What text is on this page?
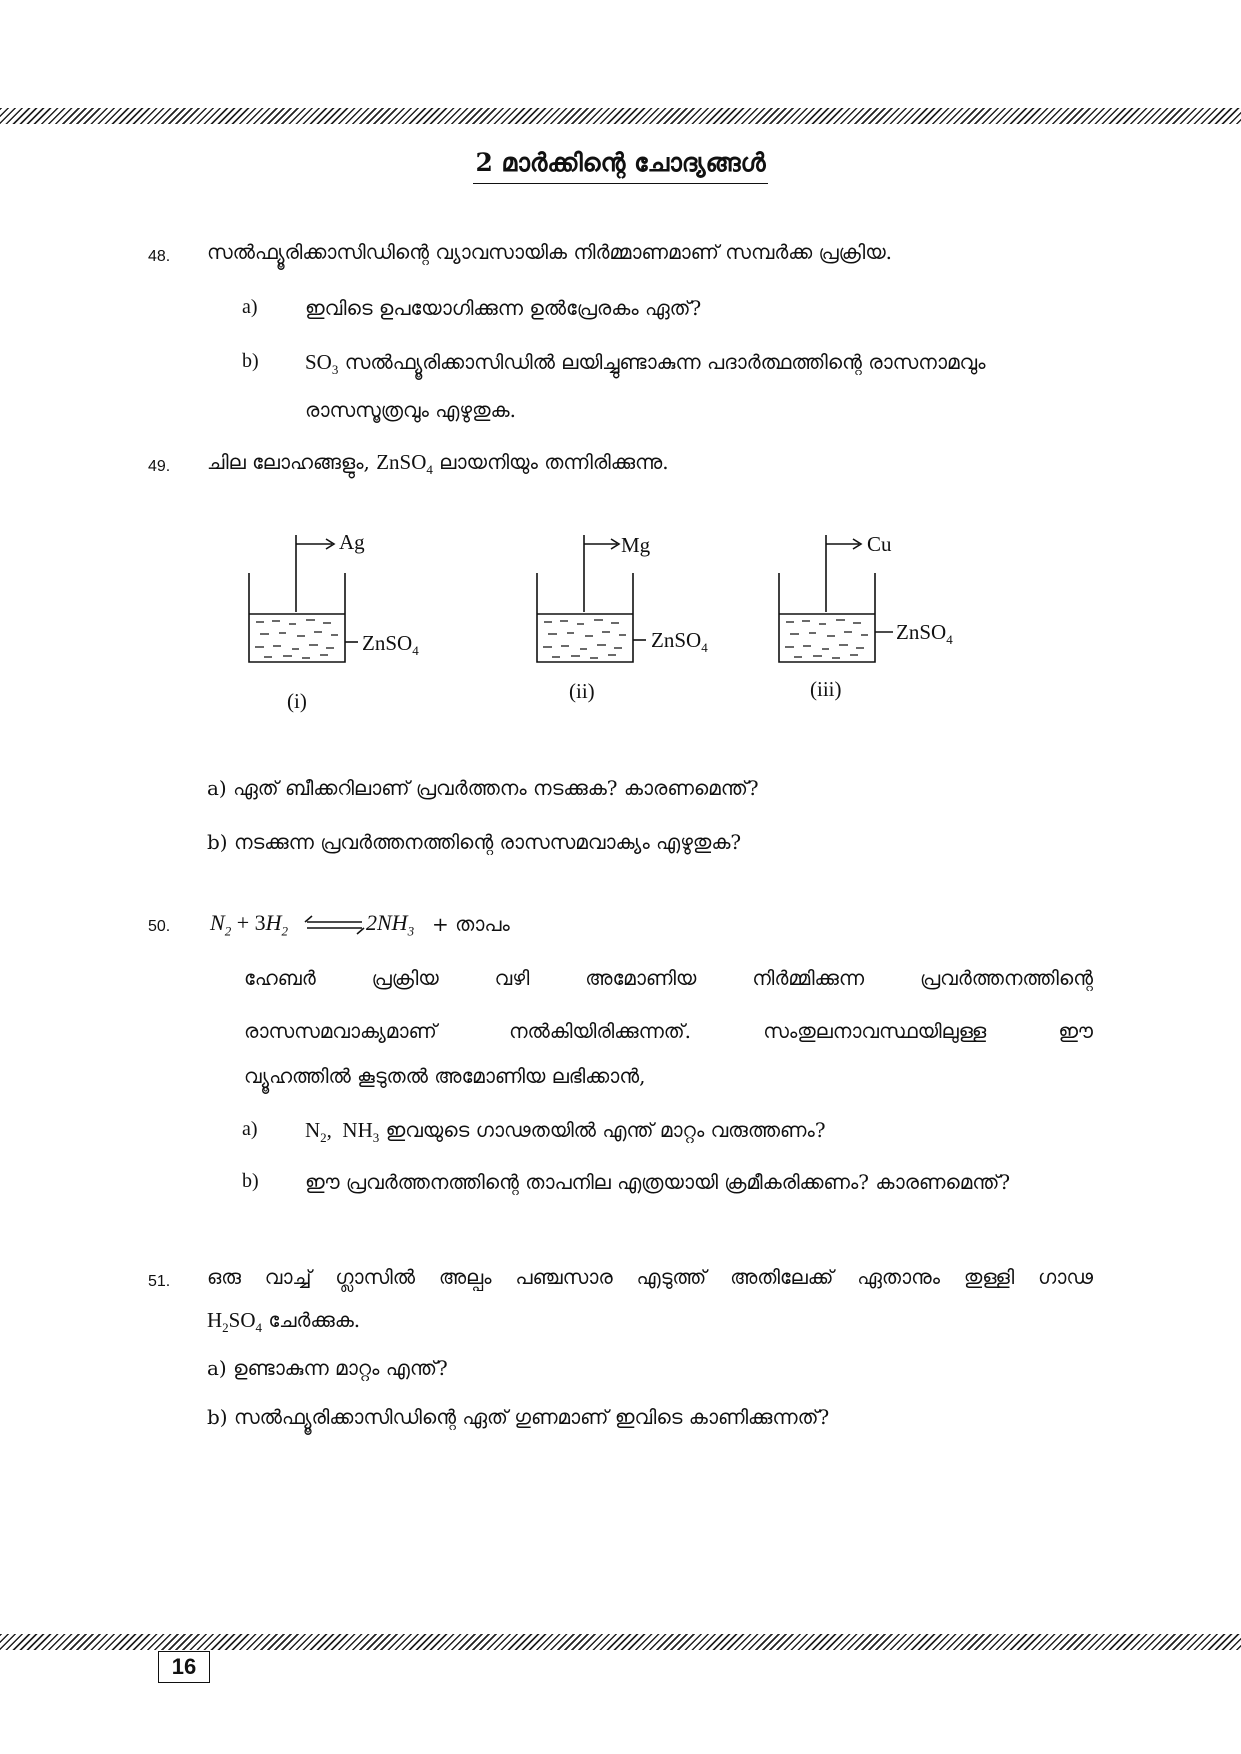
2 മാർക്കിന്റെ ചോദ്യങ്ങൾ
48. സൽഫ്യൂരിക്കാസിഡിന്റെ വ്യാവസായിക നിർമ്മാണമാണ് സമ്പർക്ക പ്രക്രിയ.
a) ഇവിടെ ഉപയോഗിക്കുന്ന ഉൽപ്രേരകം ഏത്?
b) $SO_3$ സൽഫ്യൂരിക്കാസിഡിൽ ലയിച്ചുണ്ടാകുന്ന പദാർത്ഥത്തിന്റെ രാസനാമവും
രാസസൂത്രവും എഴുതുക.
49. ചില ലോഹങ്ങളും, ZnSO$_4$ ലായനിയും തന്നിരിക്കുന്നു.
Ag
ZnSO$_4$
(i)
Mg
ZnSO$_4$
(ii)
Cu
ZnSO$_4$
(iii)
a) ഏത് ബീക്കറിലാണ് പ്രവർത്തനം നടക്കുക? കാരണമെന്ത്?
b) നടക്കുന്ന പ്രവർത്തനത്തിന്റെ രാസസമവാക്യം എഴുതുക?
50. $N_2 + 3H_2$	$2NH_3$ + താപം
ഹേബർ പ്രക്രിയ വഴി അമോണിയ നിർമ്മിക്കുന്ന പ്രവർത്തനത്തിന്റെ
രാസസമവാക്യമാണ് നൽകിയിരിക്കുന്നത്. സംതുലനാവസ്ഥയിലുള്ള ഈ
വ്യൂഹത്തിൽ കൂടുതൽ അമോണിയ ലഭിക്കാൻ,
a) $N_2$,  $NH_3$ ഇവയുടെ ഗാഢതയിൽ എന്ത് മാറ്റം വരുത്തണം?
b) ഈ പ്രവർത്തനത്തിന്റെ താപനില എത്രയായി ക്രമീകരിക്കണം? കാരണമെന്ത്?
51. ഒരു വാച്ച് ഗ്ലാസിൽ അല്പം പഞ്ചസാര എടുത്ത് അതിലേക്ക് ഏതാനും തുള്ളി ഗാഢ
$H_2SO_4$ ചേർക്കുക.
a) ഉണ്ടാകുന്ന മാറ്റം എന്ത്?
b) സൽഫ്യൂരിക്കാസിഡിന്റെ ഏത് ഗുണമാണ് ഇവിടെ കാണിക്കുന്നത്?
16
